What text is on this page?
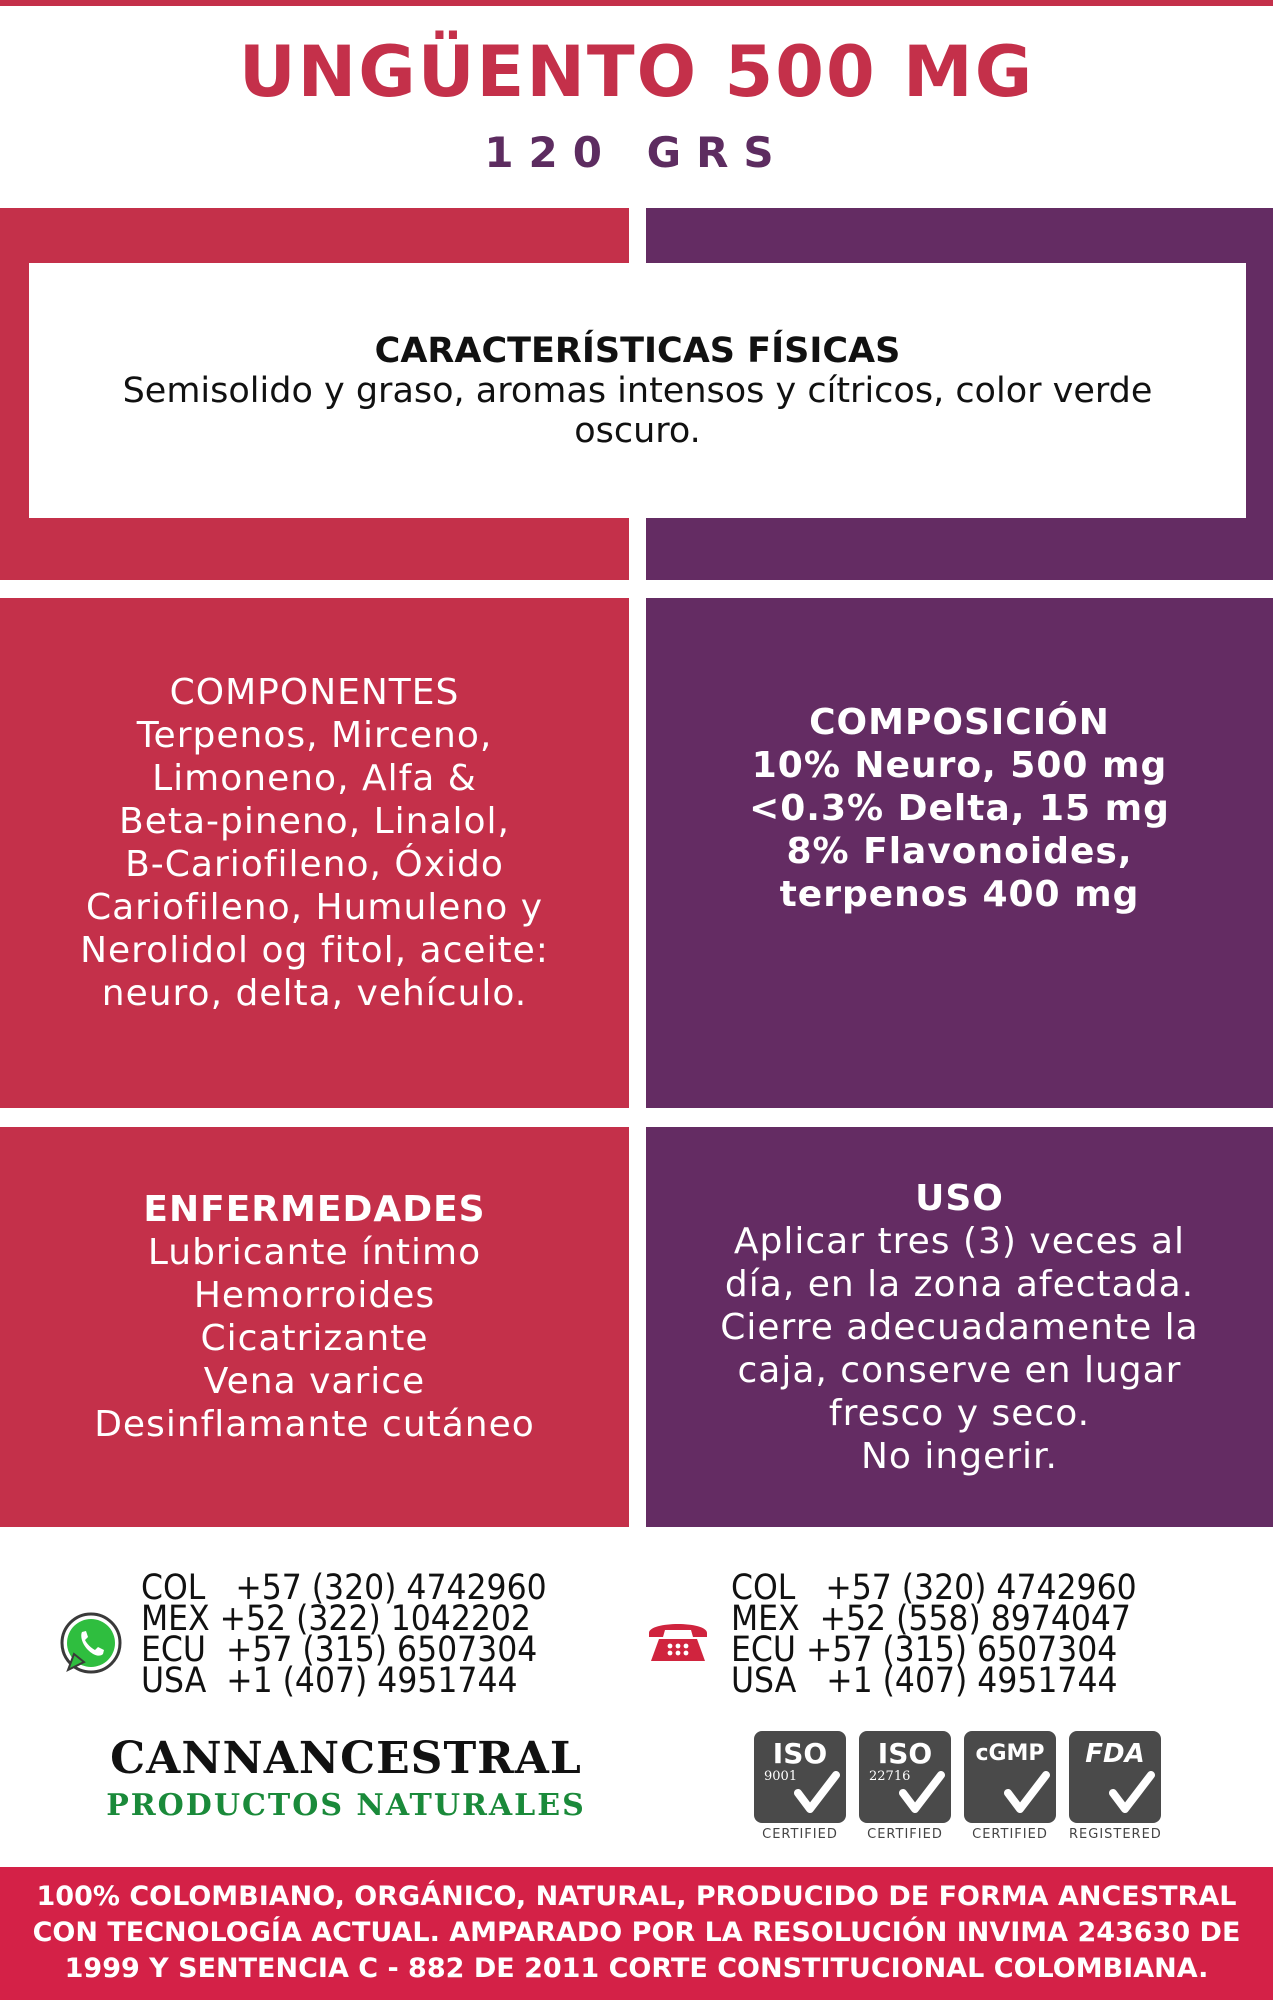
UNGÜENTO 500 MG
120 GRS
CARACTERÍSTICAS FÍSICAS

Semisolido y graso, aromas intensos y cítricos, color verde oscuro.

COMPONENTES
Terpenos, Mirceno,
Limoneno, Alfa &
Beta-pineno, Linalol,
B-Cariofileno, Óxido
Cariofileno, Humuleno y
Nerolidol og fitol, aceite:
neuro, delta, vehículo.
COMPOSICIÓN
10% Neuro, 500 mg
<0.3% Delta, 15 mg
8% Flavonoides,
terpenos 400 mg
ENFERMEDADES
Lubricante íntimo
Hemorroides
Cicatrizante
Vena varice
Desinflamante cutáneo
USO
Aplicar tres (3) veces al
día, en la zona afectada.
Cierre adecuadamente la
caja, conserve en lugar
fresco y seco.
No ingerir.
COL +57 (320) 4742960
MEX +52 (322) 1042202
ECU +57 (315) 6507304
USA +1 (407) 4951744
COL +57 (320) 4742960
MEX +52 (558) 8974047
ECU +57 (315) 6507304
USA +1 (407) 4951744
CANNANCESTRAL
PRODUCTOS NATURALES
ISO
9001
CERTIFIED
ISO
22716
CERTIFIED
cGMP
CERTIFIED
FDA
REGISTERED
100% COLOMBIANO, ORGÁNICO, NATURAL, PRODUCIDO DE FORMA ANCESTRAL
CON TECNOLOGÍA ACTUAL. AMPARADO POR LA RESOLUCIÓN INVIMA 243630 DE
1999 Y SENTENCIA C - 882 DE 2011 CORTE CONSTITUCIONAL COLOMBIANA.
